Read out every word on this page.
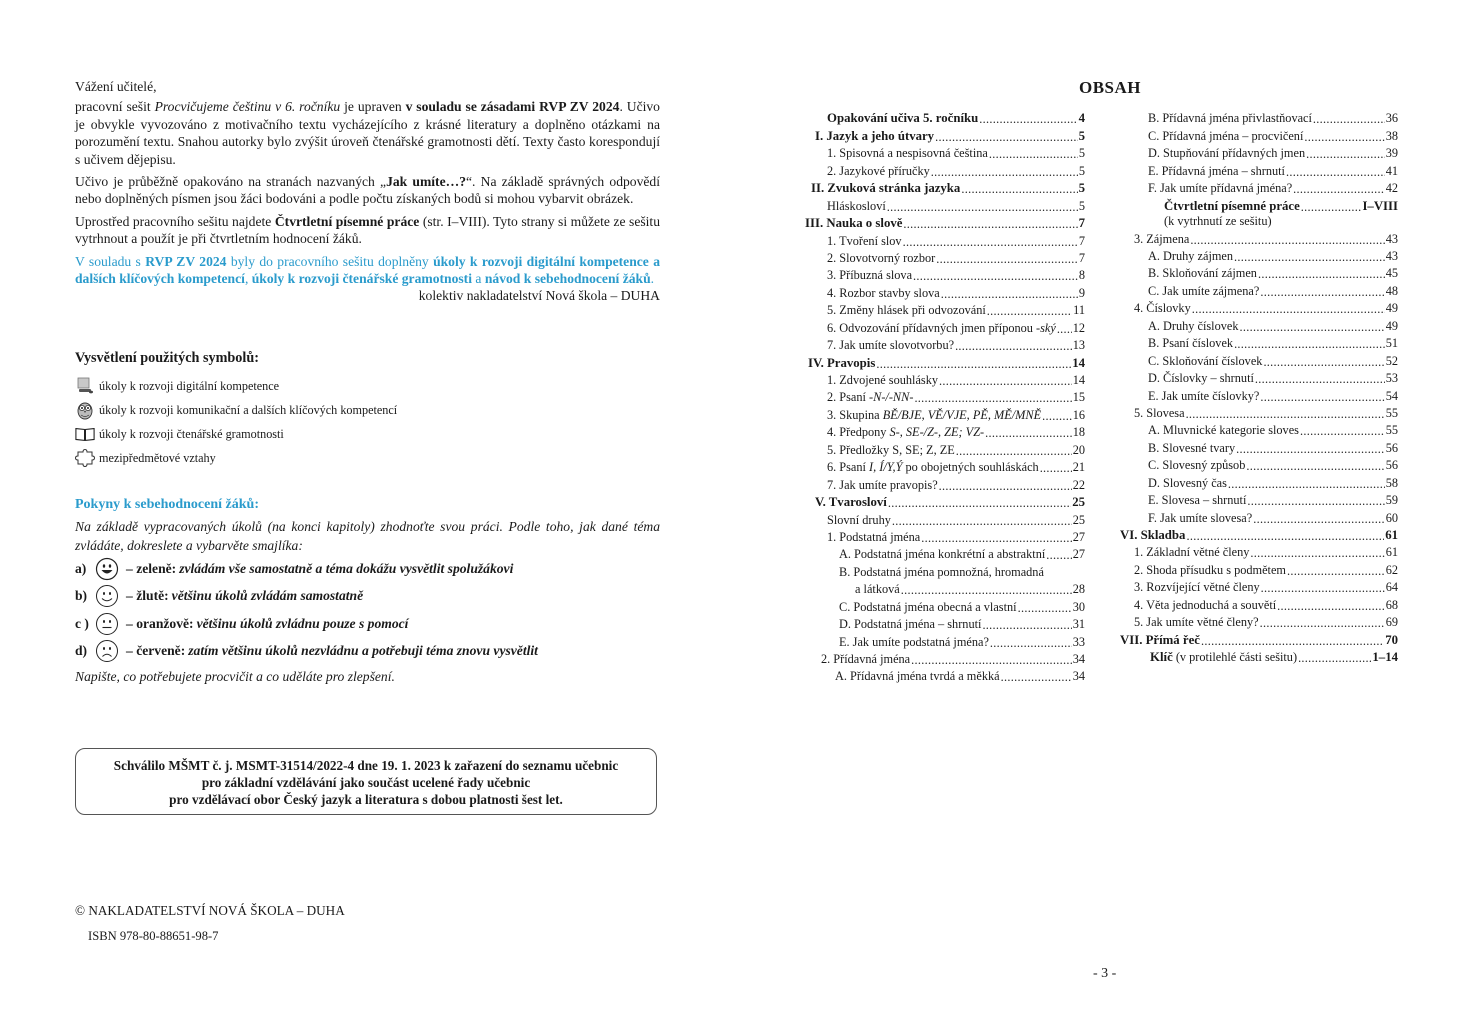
Vážení učitelé,

pracovní sešit Procvičujeme češtinu v 6. ročníku je upraven v souladu se zásadami RVP ZV 2024. Učivo je obvykle vyvozováno z motivačního textu vycházejícího z krásné literatury a doplněno otázkami na porozumění textu. Snahou autorky bylo zvýšit úroveň čtenářské gramotnosti dětí. Texty často korespondují s učivem dějepisu.

Učivo je průběžně opakováno na stranách nazvaných „Jak umíte…?“. Na základě správných odpovědí nebo doplněných písmen jsou žáci bodováni a podle počtu získaných bodů si mohou vybarvit obrázek.

Uprostřed pracovního sešitu najdete Čtvrtletní písemné práce (str. I–VIII). Tyto strany si můžete ze sešitu vytrhnout a použít je při čtvrtletním hodnocení žáků.

V souladu s RVP ZV 2024 byly do pracovního sešitu doplněny úkoly k rozvoji digitální kompetence a dalších klíčových kompetencí, úkoly k rozvoji čtenářské gramotnosti a návod k sebehodnocení žáků.

kolektiv nakladatelství Nová škola – DUHA
Vysvětlení použitých symbolů:
úkoly k rozvoji digitální kompetence
úkoly k rozvoji komunikační a dalších klíčových kompetencí
úkoly k rozvoji čtenářské gramotnosti
mezipředmětové vztahy
Pokyny k sebehodnocení žáků:
Na základě vypracovaných úkolů (na konci kapitoly) zhodnoťte svou práci. Podle toho, jak dané téma zvládáte, dokreslete a vybarvěte smajlíka:
a)	– zeleně: zvládám vše samostatně a téma dokážu vysvětlit spolužákovi
b)	– žlutě: většinu úkolů zvládám samostatně
c )	– oranžově: většinu úkolů zvládnu pouze s pomocí
d)	– červeně: zatím většinu úkolů nezvládnu a potřebuji téma znovu vysvětlit
Napište, co potřebujete procvičit a co uděláte pro zlepšení.
Schválilo MŠMT č. j. MSMT-31514/2022-4 dne 19. 1. 2023 k zařazení do seznamu učebnic
pro základní vzdělávání jako součást ucelené řady učebnic
pro vzdělávací obor Český jazyk a literatura s dobou platnosti šest let.
© NAKLADATELSTVÍ NOVÁ ŠKOLA – DUHA
ISBN 978-80-88651-98-7
OBSAH
Opakování učiva 5. ročníku .....	4
I. Jazyk a jeho útvary .....	5
1. Spisovná a nespisovná čeština .....	5
2. Jazykové příručky .....	5
II. Zvuková stránka jazyka .....	5
Hláskosloví .....	5
III. Nauka o slově .....	7
1. Tvoření slov .....	7
2. Slovotvorný rozbor .....	7
3. Příbuzná slova .....	8
4. Rozbor stavby slova .....	9
5. Změny hlásek při odvozování .....	11
6. Odvozování přídavných jmen příponou -ský ..... 12
7. Jak umíte slovotvorbu? .....	13
IV. Pravopis .....	14
1. Zdvojené souhlásky .....	14
2. Psaní -N-/-NN- .....	15
3. Skupina BĚ/BJE, VĚ/VJE, PĚ, MĚ/MNĚ .....	16
4. Předpony S-, SE-/Z-, ZE; VZ- .....	18
5. Předložky S, SE; Z, ZE .....	20
6. Psaní I, Í/Y,Ý po obojetných souhláskách .....	21
7. Jak umíte pravopis? .....	22
V. Tvarosloví .....	25
Slovní druhy .....	25
1. Podstatná jména .....	27
A. Podstatná jména konkrétní a abstraktní ..... 27
B. Podstatná jména pomnožná, hromadná
a látková .....	28
C. Podstatná jména obecná a vlastní .....	30
D. Podstatná jména – shrnutí .....	31
E. Jak umíte podstatná jména? .....	33
2. Přídavná jména .....	34
A. Přídavná jména tvrdá a měkká .....	34
B. Přídavná jména přivlastňovací .....	36
C. Přídavná jména – procvičení .....	38
D. Stupňování přídavných jmen .....	39
E. Přídavná jména – shrnutí .....	41
F. Jak umíte přídavná jména? .....	42
Čtvrtletní písemné práce .....	I–VIII
(k vytrhnutí ze sešitu)
3. Zájmena .....	43
A. Druhy zájmen .....	43
B. Skloňování zájmen .....	45
C. Jak umíte zájmena? .....	48
4. Číslovky .....	49
A. Druhy číslovek .....	49
B. Psaní číslovek .....	51
C. Skloňování číslovek .....	52
D. Číslovky – shrnutí .....	53
E. Jak umíte číslovky? .....	54
5. Slovesa .....	55
A. Mluvnické kategorie sloves .....	55
B. Slovesné tvary .....	56
C. Slovesný způsob .....	56
D. Slovesný čas .....	58
E. Slovesa – shrnutí .....	59
F. Jak umíte slovesa? .....	60
VI. Skladba .....	61
1. Základní větné členy .....	61
2. Shoda přísudku s podmětem .....	62
3. Rozvíjející větné členy .....	64
4. Věta jednoduchá a souvětí .....	68
5. Jak umíte větné členy? .....	69
VII. Přímá řeč .....	70
Klíč (v protilehlé části sešitu) .....	1–14
- 3 -
